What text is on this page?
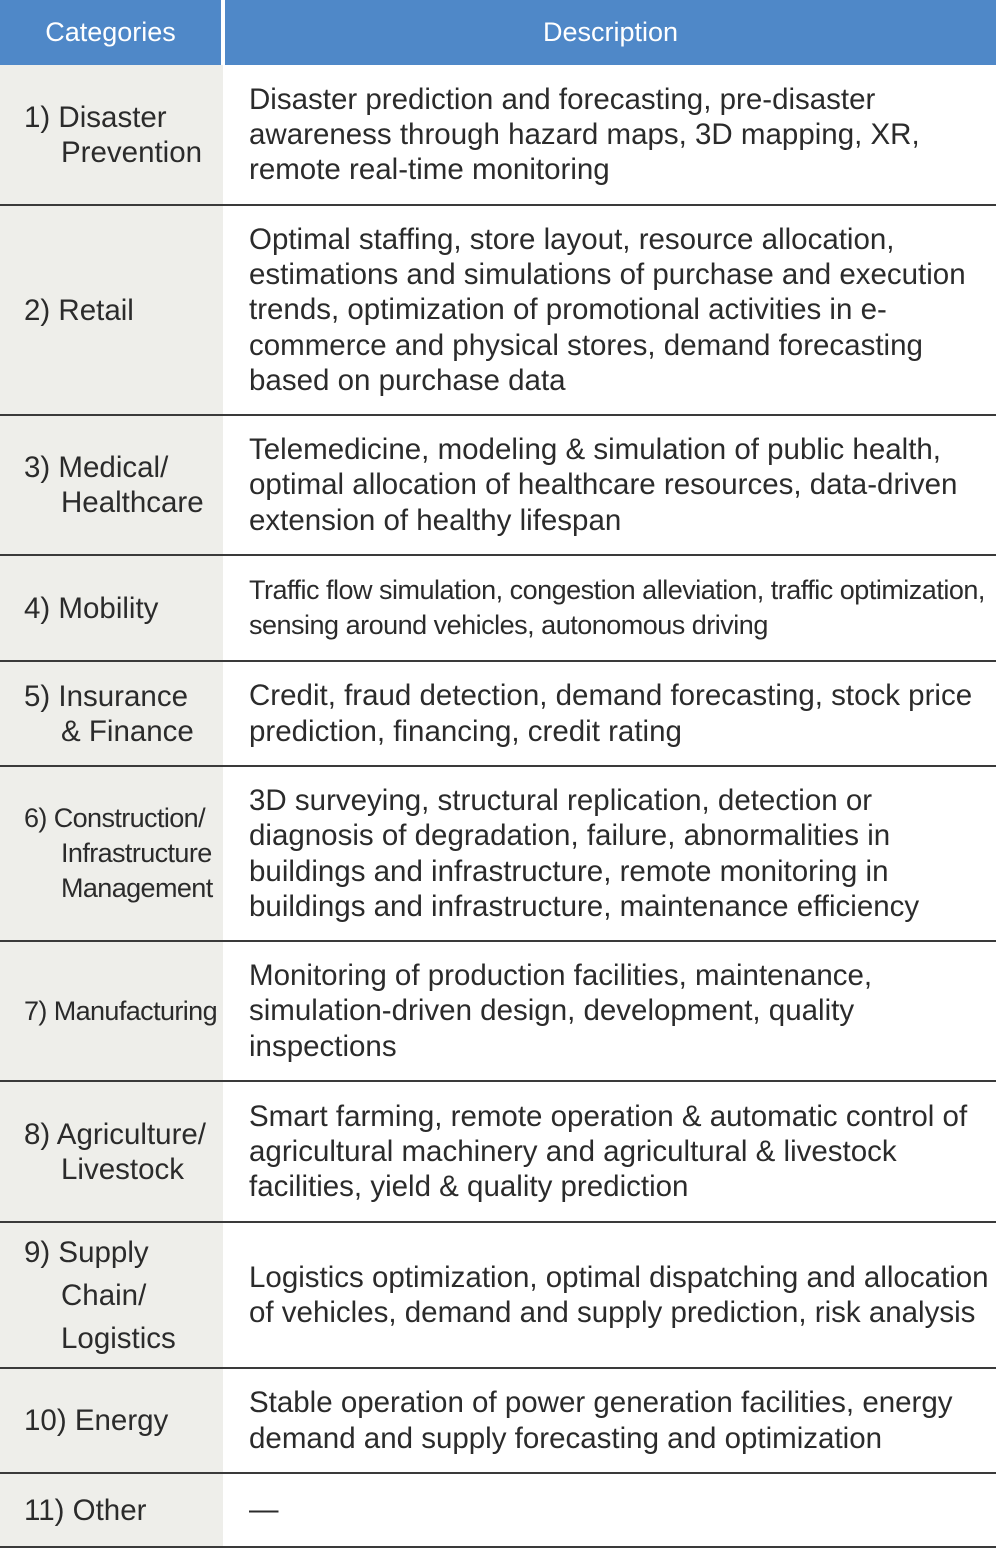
Categories	Description
1) Disaster
Prevention
Disaster prediction and forecasting, pre-disaster awareness through hazard maps, 3D mapping, XR, remote real-time monitoring
2) Retail
Optimal staffing, store layout, resource allocation, estimations and simulations of purchase and execution trends, optimization of promotional activities in e-commerce and physical stores, demand forecasting based on purchase data
3) Medical/
Healthcare
Telemedicine, modeling & simulation of public health, optimal allocation of healthcare resources, data-driven extension of healthy lifespan
4) Mobility
Traffic flow simulation, congestion alleviation, traffic optimization, sensing around vehicles, autonomous driving
5) Insurance
& Finance
Credit, fraud detection, demand forecasting, stock price prediction, financing, credit rating
6) Construction/
Infrastructure
Management
3D surveying, structural replication, detection or diagnosis of degradation, failure, abnormalities in buildings and infrastructure, remote monitoring in buildings and infrastructure, maintenance efficiency
7) Manufacturing
Monitoring of production facilities, maintenance, simulation-driven design, development, quality inspections
8) Agriculture/
Livestock
Smart farming, remote operation & automatic control of agricultural machinery and agricultural & livestock facilities, yield & quality prediction
9) Supply
Chain/
Logistics
Logistics optimization, optimal dispatching and allocation of vehicles, demand and supply prediction, risk analysis
10) Energy
Stable operation of power generation facilities, energy demand and supply forecasting and optimization
11) Other	—
